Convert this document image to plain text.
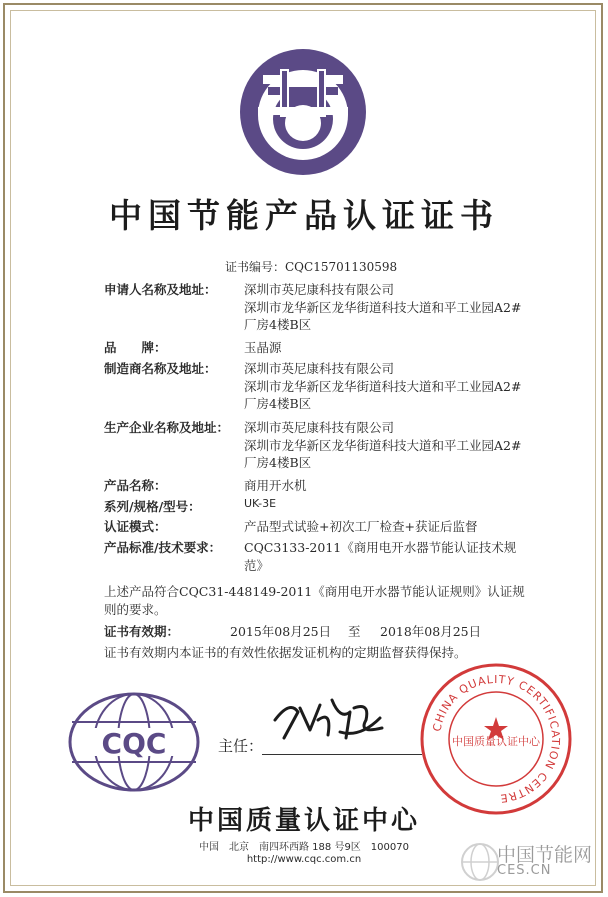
中国节能产品认证证书
证书编号：CQC15701130598
申请人名称及地址： 深圳市英尼康科技有限公司
深圳市龙华新区龙华街道科技大道和平工业园A2#
厂房4楼B区
品　　牌：	玉晶源
制造商名称及地址： 深圳市英尼康科技有限公司
深圳市龙华新区龙华街道科技大道和平工业园A2#
厂房4楼B区
生产企业名称及地址： 深圳市英尼康科技有限公司
深圳市龙华新区龙华街道科技大道和平工业园A2#
厂房4楼B区
产品名称：	商用开水机
系列/规格/型号：	UK-3E
认证模式：	产品型式试验+初次工厂检查+获证后监督
产品标准/技术要求： CQC3133-2011《商用电开水器节能认证技术规
范》
上述产品符合CQC31-448149-2011《商用电开水器节能认证规则》认证规
则的要求。
证书有效期：	2015年08月25日 至 2018年08月25日
证书有效期内本证书的有效性依据发证机构的定期监督获得保持。
CQC	主任：
CHINA QUALITY CERTIFICATION CENTRE
中国质量认证中心
中国质量认证中心
中国　北京　南四环西路 188 号9区　100070
http://www.cqc.com.cn	中国节能网
CES.CN
